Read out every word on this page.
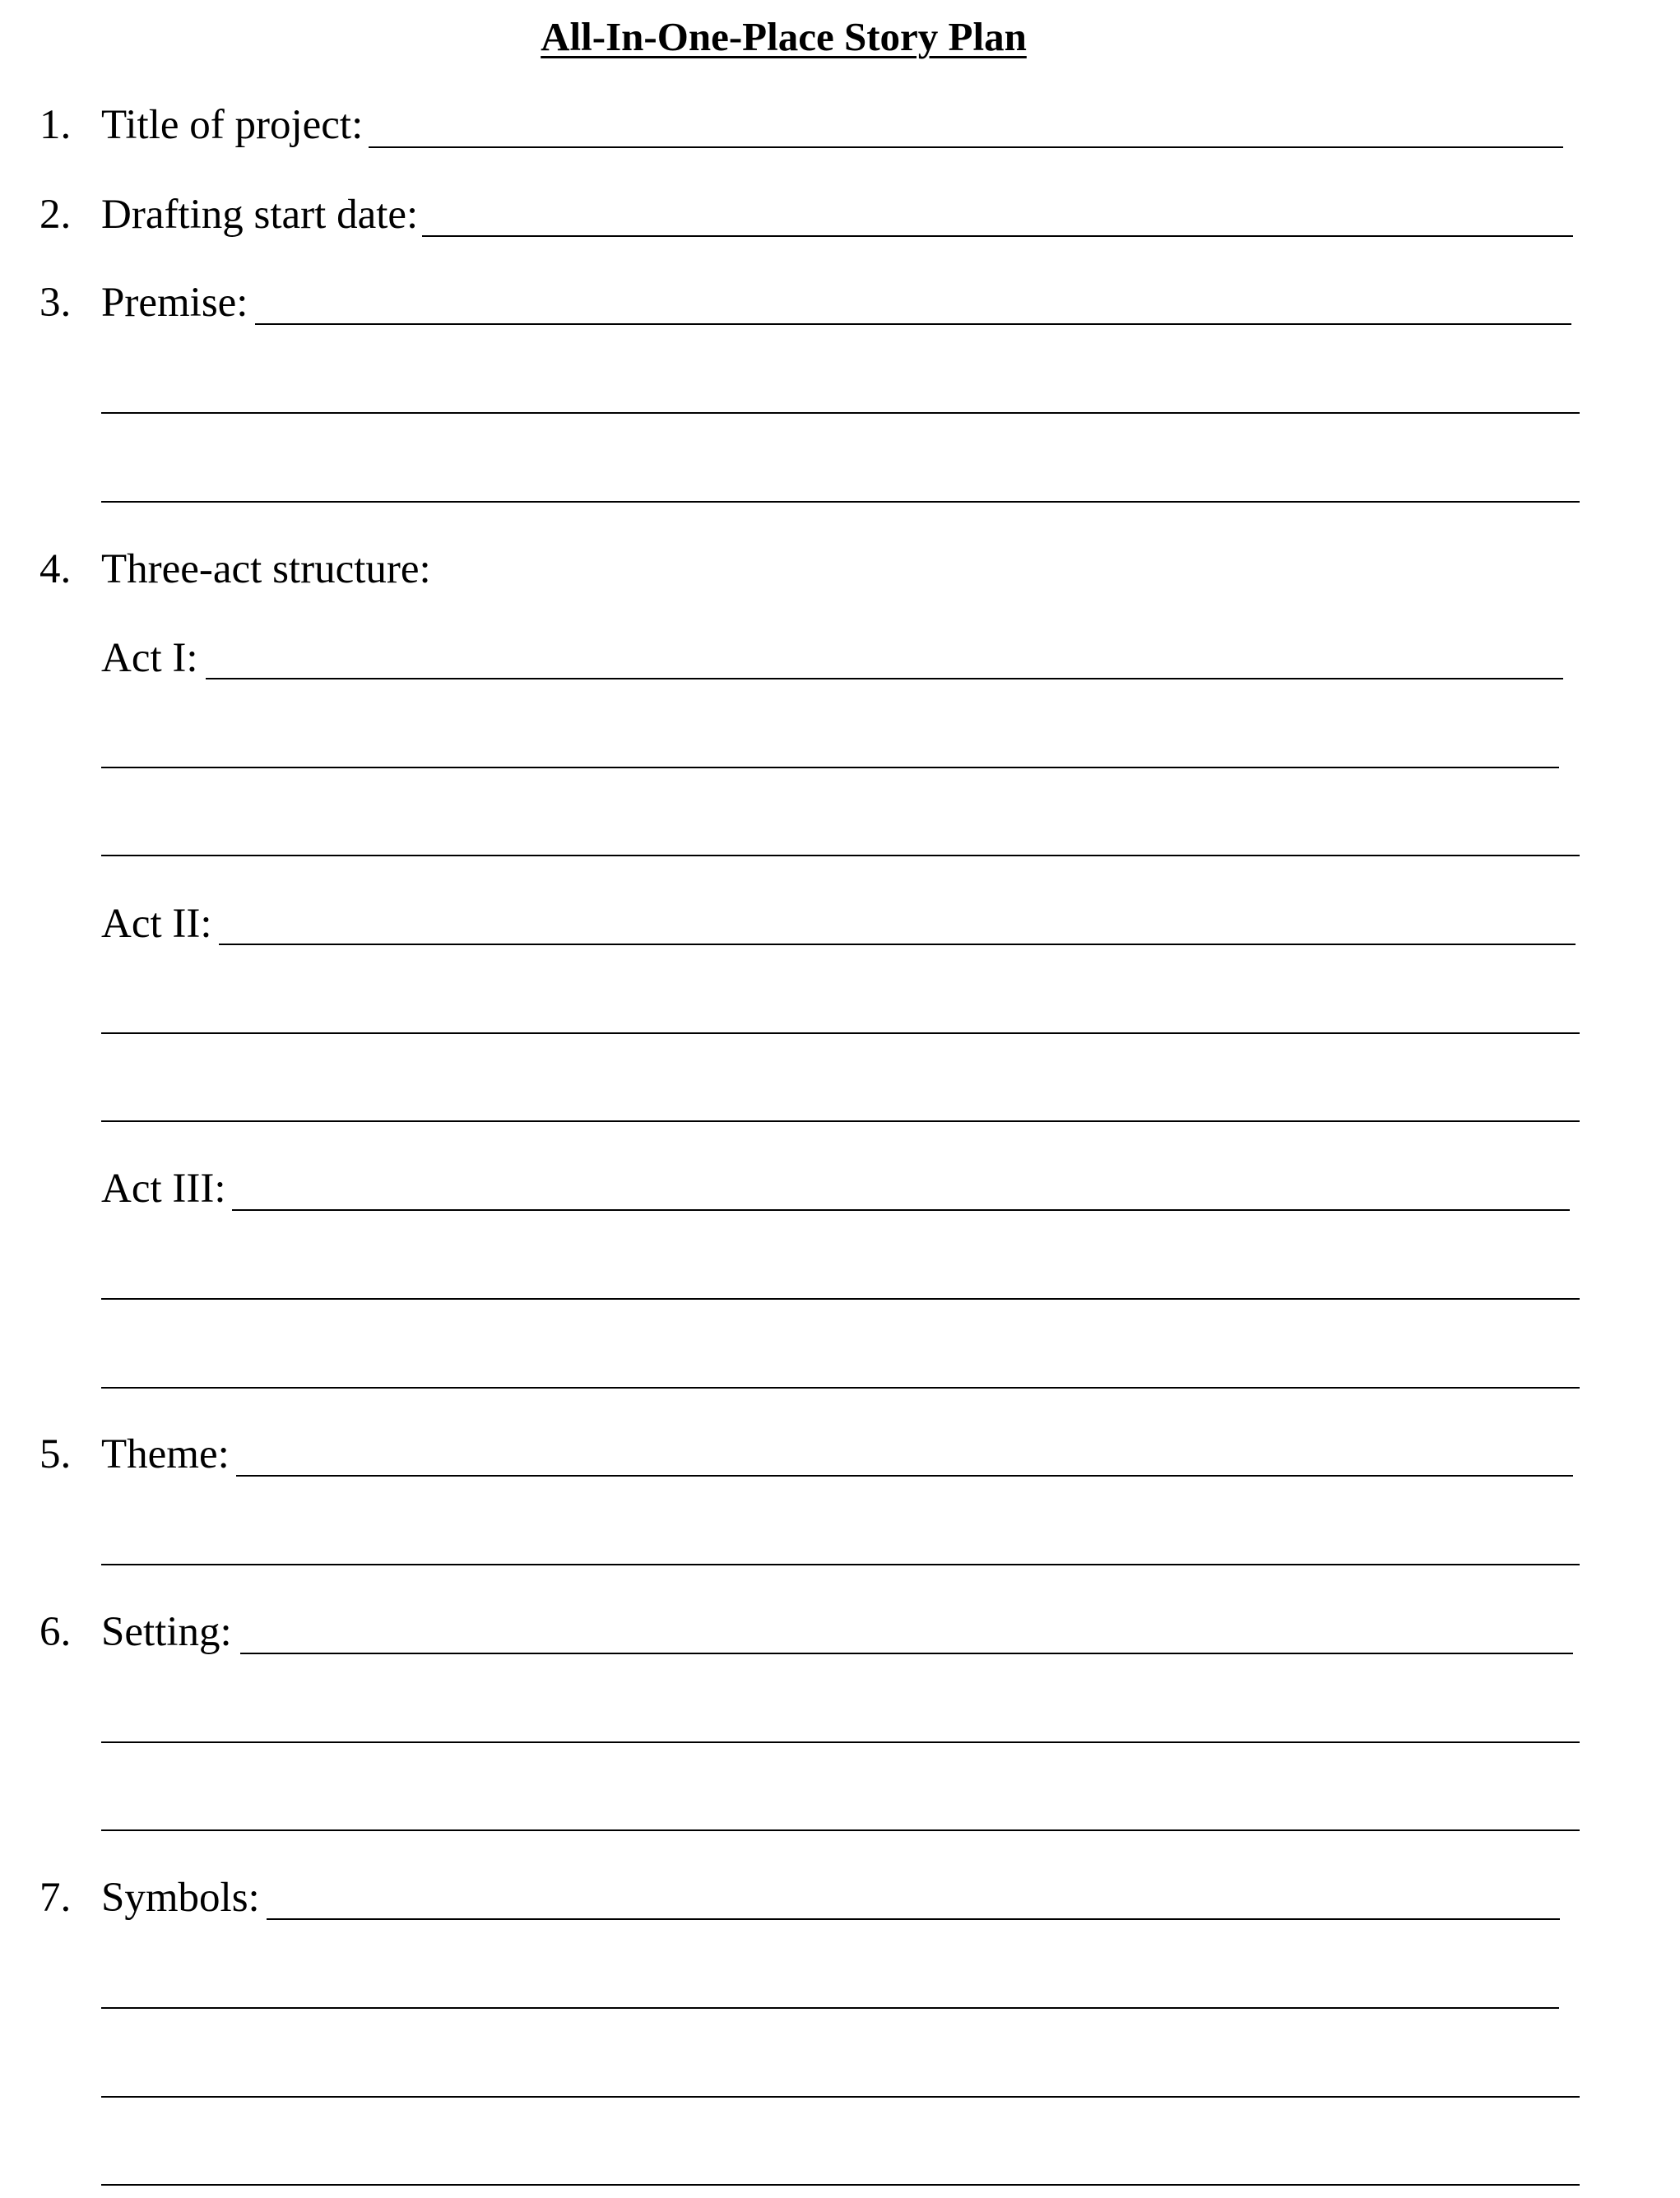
All-In-One-Place Story Plan
1. Title of project:
2. Drafting start date:
3. Premise:
4. Three-act structure:
Act I:
Act II:
Act III:
5. Theme:
6. Setting:
7. Symbols:
